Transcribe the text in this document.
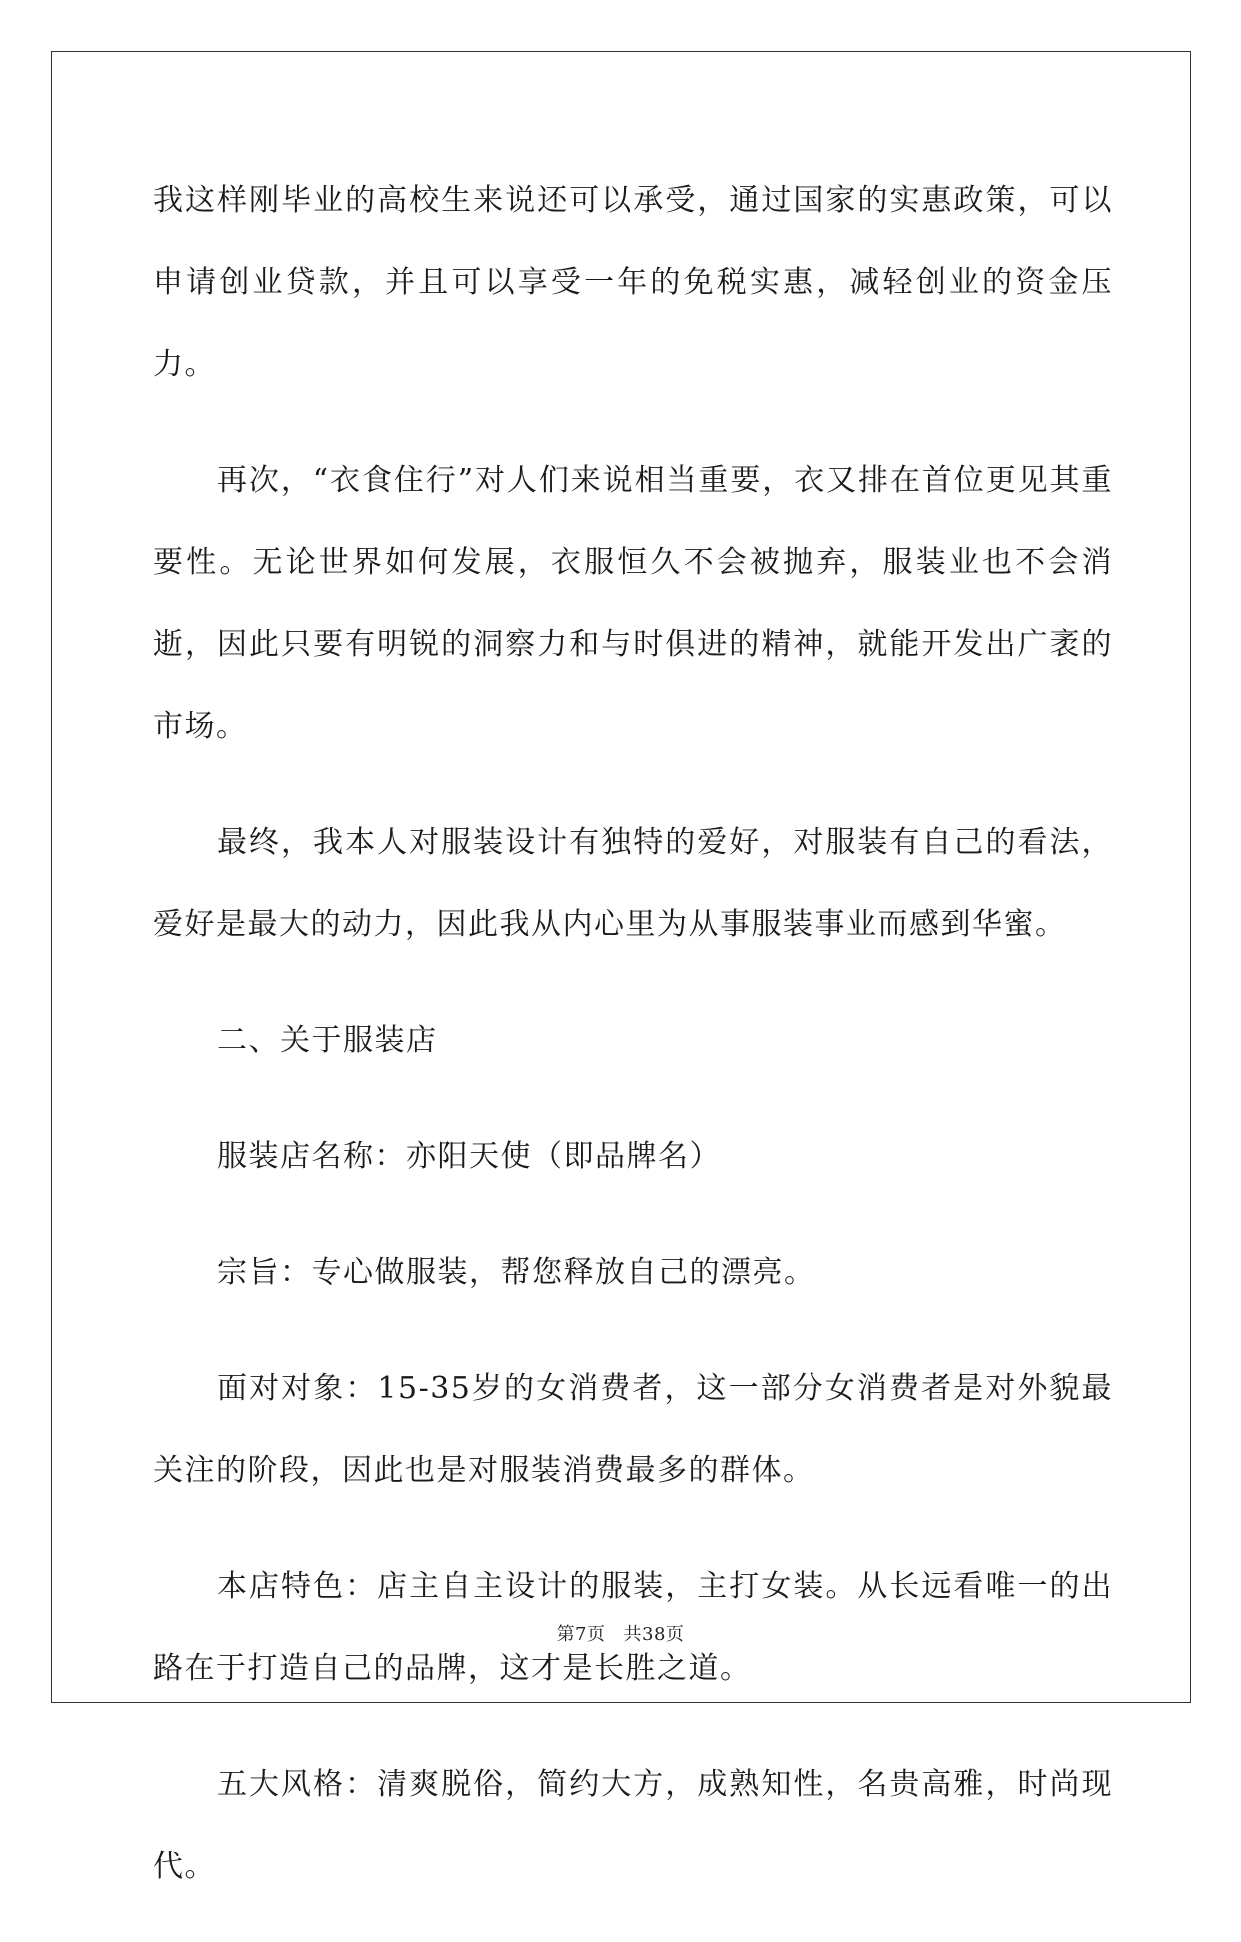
我这样刚毕业的高校生来说还可以承受，通过国家的实惠政策，可以申请创业贷款，并且可以享受一年的免税实惠，减轻创业的资金压力。

再次，“衣食住行”对人们来说相当重要，衣又排在首位更见其重要性。无论世界如何发展，衣服恒久不会被抛弃，服装业也不会消逝，因此只要有明锐的洞察力和与时俱进的精神，就能开发出广袤的市场。

最终，我本人对服装设计有独特的爱好，对服装有自己的看法，爱好是最大的动力，因此我从内心里为从事服装事业而感到华蜜。

二、关于服装店

服装店名称：亦阳天使（即品牌名）

宗旨：专心做服装，帮您释放自己的漂亮。

面对对象：15-35岁的女消费者，这一部分女消费者是对外貌最关注的阶段，因此也是对服装消费最多的群体。

本店特色：店主自主设计的服装，主打女装。从长远看唯一的出路在于打造自己的品牌，这才是长胜之道。

五大风格：清爽脱俗，简约大方，成熟知性，名贵高雅，时尚现代。

第7页 共38页
